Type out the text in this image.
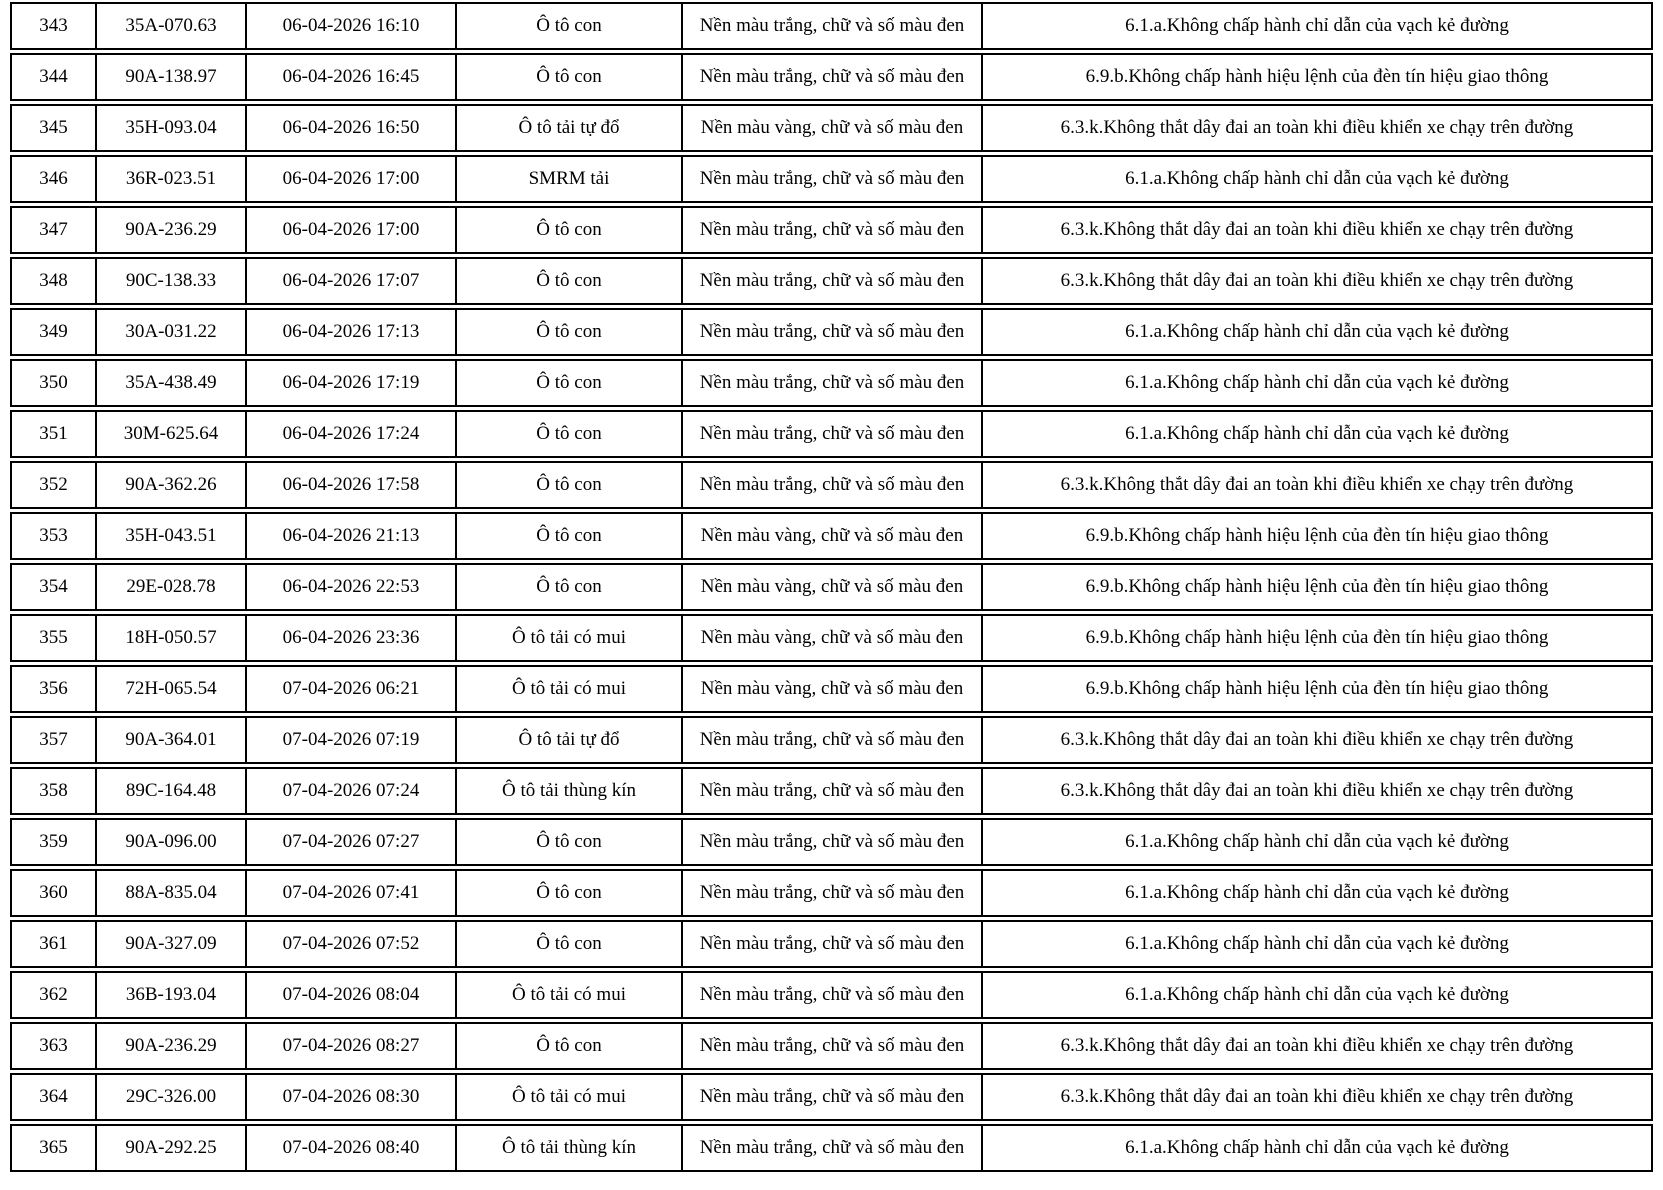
343	35A-070.63	06-04-2026 16:10	Ô tô con	Nền màu trắng, chữ và số màu đen	6.1.a.Không chấp hành chỉ dẫn của vạch kẻ đường
344	90A-138.97	06-04-2026 16:45	Ô tô con	Nền màu trắng, chữ và số màu đen	6.9.b.Không chấp hành hiệu lệnh của đèn tín hiệu giao thông
345	35H-093.04	06-04-2026 16:50	Ô tô tải tự đổ	Nền màu vàng, chữ và số màu đen	6.3.k.Không thắt dây đai an toàn khi điều khiển xe chạy trên đường
346	36R-023.51	06-04-2026 17:00	SMRM tải	Nền màu trắng, chữ và số màu đen	6.1.a.Không chấp hành chỉ dẫn của vạch kẻ đường
347	90A-236.29	06-04-2026 17:00	Ô tô con	Nền màu trắng, chữ và số màu đen	6.3.k.Không thắt dây đai an toàn khi điều khiển xe chạy trên đường
348	90C-138.33	06-04-2026 17:07	Ô tô con	Nền màu trắng, chữ và số màu đen	6.3.k.Không thắt dây đai an toàn khi điều khiển xe chạy trên đường
349	30A-031.22	06-04-2026 17:13	Ô tô con	Nền màu trắng, chữ và số màu đen	6.1.a.Không chấp hành chỉ dẫn của vạch kẻ đường
350	35A-438.49	06-04-2026 17:19	Ô tô con	Nền màu trắng, chữ và số màu đen	6.1.a.Không chấp hành chỉ dẫn của vạch kẻ đường
351	30M-625.64	06-04-2026 17:24	Ô tô con	Nền màu trắng, chữ và số màu đen	6.1.a.Không chấp hành chỉ dẫn của vạch kẻ đường
352	90A-362.26	06-04-2026 17:58	Ô tô con	Nền màu trắng, chữ và số màu đen	6.3.k.Không thắt dây đai an toàn khi điều khiển xe chạy trên đường
353	35H-043.51	06-04-2026 21:13	Ô tô con	Nền màu vàng, chữ và số màu đen	6.9.b.Không chấp hành hiệu lệnh của đèn tín hiệu giao thông
354	29E-028.78	06-04-2026 22:53	Ô tô con	Nền màu vàng, chữ và số màu đen	6.9.b.Không chấp hành hiệu lệnh của đèn tín hiệu giao thông
355	18H-050.57	06-04-2026 23:36	Ô tô tải có mui	Nền màu vàng, chữ và số màu đen	6.9.b.Không chấp hành hiệu lệnh của đèn tín hiệu giao thông
356	72H-065.54	07-04-2026 06:21	Ô tô tải có mui	Nền màu vàng, chữ và số màu đen	6.9.b.Không chấp hành hiệu lệnh của đèn tín hiệu giao thông
357	90A-364.01	07-04-2026 07:19	Ô tô tải tự đổ	Nền màu trắng, chữ và số màu đen	6.3.k.Không thắt dây đai an toàn khi điều khiển xe chạy trên đường
358	89C-164.48	07-04-2026 07:24	Ô tô tải thùng kín	Nền màu trắng, chữ và số màu đen	6.3.k.Không thắt dây đai an toàn khi điều khiển xe chạy trên đường
359	90A-096.00	07-04-2026 07:27	Ô tô con	Nền màu trắng, chữ và số màu đen	6.1.a.Không chấp hành chỉ dẫn của vạch kẻ đường
360	88A-835.04	07-04-2026 07:41	Ô tô con	Nền màu trắng, chữ và số màu đen	6.1.a.Không chấp hành chỉ dẫn của vạch kẻ đường
361	90A-327.09	07-04-2026 07:52	Ô tô con	Nền màu trắng, chữ và số màu đen	6.1.a.Không chấp hành chỉ dẫn của vạch kẻ đường
362	36B-193.04	07-04-2026 08:04	Ô tô tải có mui	Nền màu trắng, chữ và số màu đen	6.1.a.Không chấp hành chỉ dẫn của vạch kẻ đường
363	90A-236.29	07-04-2026 08:27	Ô tô con	Nền màu trắng, chữ và số màu đen	6.3.k.Không thắt dây đai an toàn khi điều khiển xe chạy trên đường
364	29C-326.00	07-04-2026 08:30	Ô tô tải có mui	Nền màu trắng, chữ và số màu đen	6.3.k.Không thắt dây đai an toàn khi điều khiển xe chạy trên đường
365	90A-292.25	07-04-2026 08:40	Ô tô tải thùng kín	Nền màu trắng, chữ và số màu đen	6.1.a.Không chấp hành chỉ dẫn của vạch kẻ đường
